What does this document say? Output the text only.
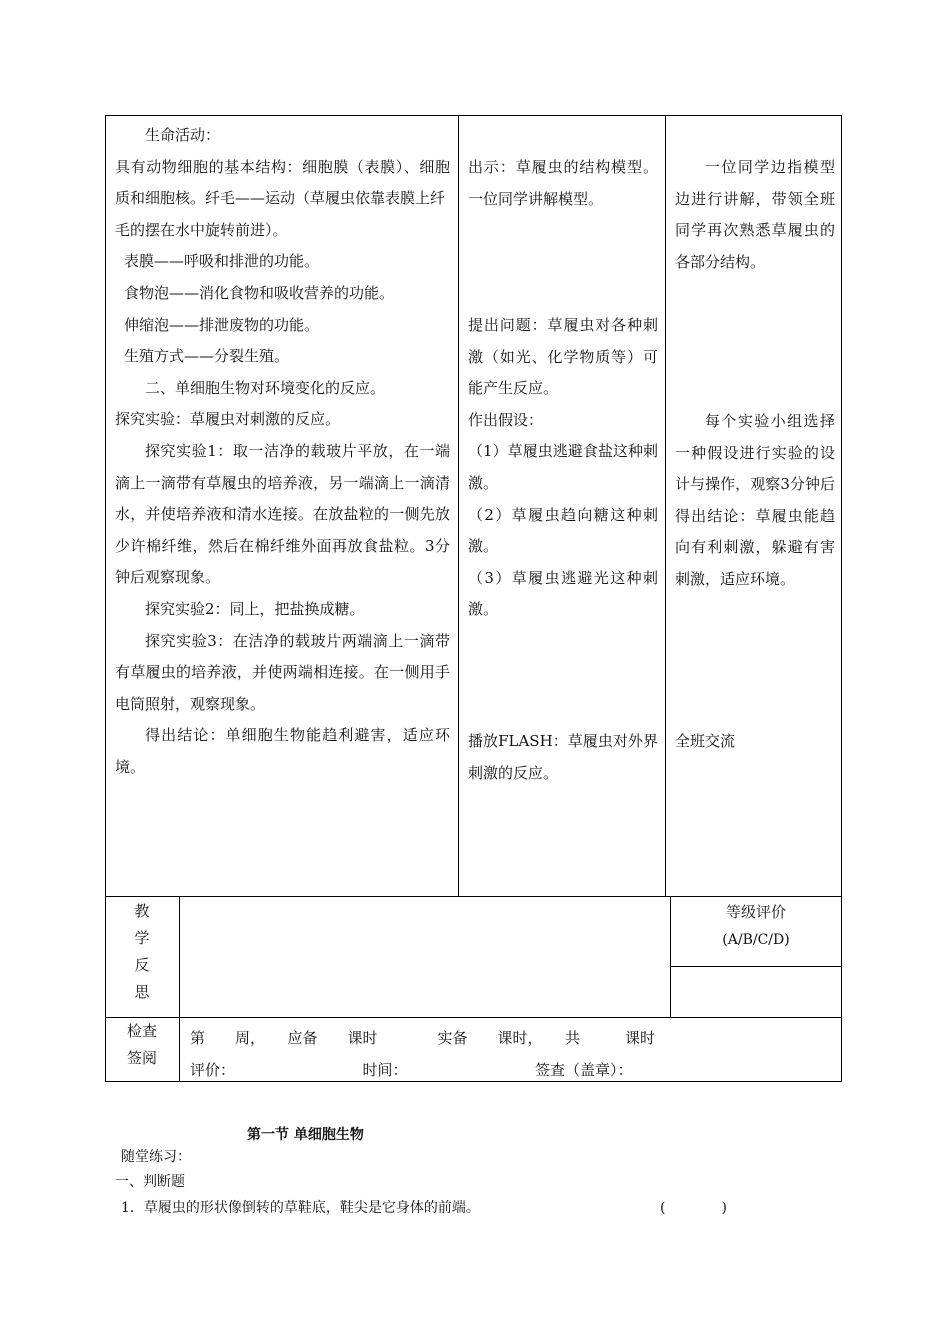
生命活动：

具有动物细胞的基本结构：细胞膜（表膜）、细胞质和细胞核。纤毛——运动（草履虫依靠表膜上纤

毛的摆在水中旋转前进）。

表膜——呼吸和排泄的功能。

食物泡——消化食物和吸收营养的功能。

伸缩泡——排泄废物的功能。

生殖方式——分裂生殖。

二、单细胞生物对环境变化的反应。

探究实验：草履虫对刺激的反应。

探究实验1：取一洁净的载玻片平放，在一端滴上一滴带有草履虫的培养液，另一端滴上一滴清水，并使培养液和清水连接。在放盐粒的一侧先放少许棉纤维，然后在棉纤维外面再放食盐粒。3分钟后观察现象。

探究实验2：同上，把盐换成糖。

探究实验3：在洁净的载玻片两端滴上一滴带有草履虫的培养液，并使两端相连接。在一侧用手电筒照射，观察现象。

得出结论：单细胞生物能趋利避害，适应环境。

出示：草履虫的结构模型。一位同学讲解模型。

提出问题：草履虫对各种刺激（如光、化学物质等）可能产生反应。

作出假设：

（1）草履虫逃避食盐这种刺激。

（2）草履虫趋向糖这种刺激。

（3）草履虫逃避光这种刺激。

播放FLASH：草履虫对外界刺激的反应。
一位同学边指模型边进行讲解，带领全班同学再次熟悉草履虫的各部分结构。
每个实验小组选择一种假设进行实验的设计与操作，观察3分钟后得出结论：草履虫能趋向有利刺激，躲避有害刺激，适应环境。
全班交流
教
学
反
思
等级评价
(A/B/C/D)
检查
签阅
第　　周，　　应备　　课时　　　　实备　　课时，　　共　　　课时
评价：　　　　　　　　　时间：　　　　　　　　　签查（盖章）：
第一节 单细胞生物
随堂练习：
一、判断题
1．草履虫的形状像倒转的草鞋底，鞋尖是它身体的前端。	(　　　　)
